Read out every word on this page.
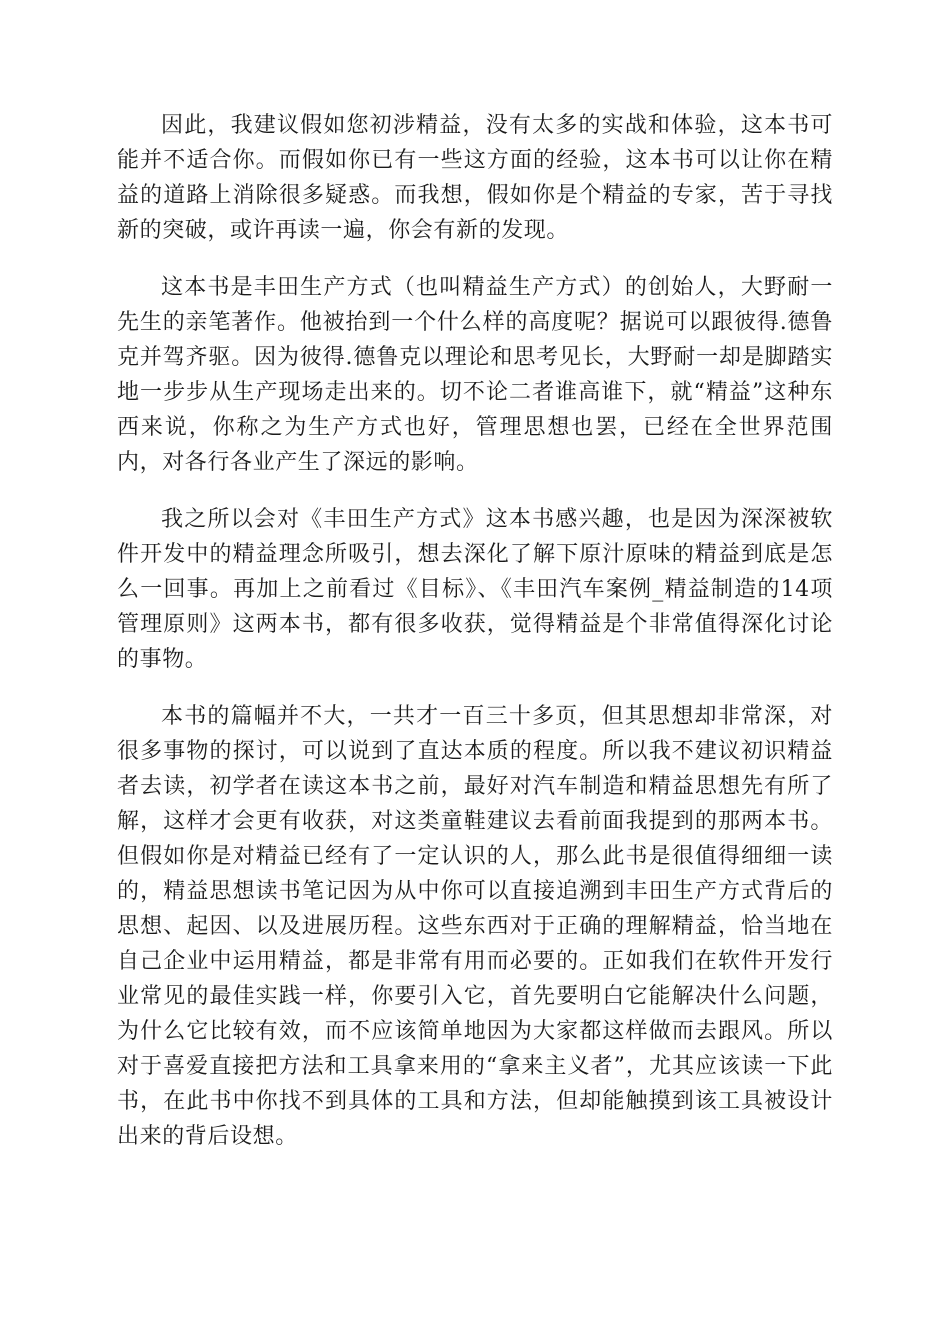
因此，我建议假如您初涉精益，没有太多的实战和体验，这本书可能并不适合你。而假如你已有一些这方面的经验，这本书可以让你在精益的道路上消除很多疑惑。而我想，假如你是个精益的专家，苦于寻找新的突破，或许再读一遍，你会有新的发现。

这本书是丰田生产方式（也叫精益生产方式）的创始人，大野耐一先生的亲笔著作。他被抬到一个什么样的高度呢？据说可以跟彼得.德鲁克并驾齐驱。因为彼得.德鲁克以理论和思考见长，大野耐一却是脚踏实地一步步从生产现场走出来的。切不论二者谁高谁下，就“精益”这种东西来说，你称之为生产方式也好，管理思想也罢，已经在全世界范围内，对各行各业产生了深远的影响。

我之所以会对《丰田生产方式》这本书感兴趣，也是因为深深被软件开发中的精益理念所吸引，想去深化了解下原汁原味的精益到底是怎么一回事。再加上之前看过《目标》、《丰田汽车案例_精益制造的14项管理原则》这两本书，都有很多收获，觉得精益是个非常值得深化讨论的事物。

本书的篇幅并不大，一共才一百三十多页，但其思想却非常深，对很多事物的探讨，可以说到了直达本质的程度。所以我不建议初识精益者去读，初学者在读这本书之前，最好对汽车制造和精益思想先有所了解，这样才会更有收获，对这类童鞋建议去看前面我提到的那两本书。但假如你是对精益已经有了一定认识的人，那么此书是很值得细细一读的，精益思想读书笔记因为从中你可以直接追溯到丰田生产方式背后的思想、起因、以及进展历程。这些东西对于正确的理解精益，恰当地在自己企业中运用精益，都是非常有用而必要的。正如我们在软件开发行业常见的最佳实践一样，你要引入它，首先要明白它能解决什么问题，为什么它比较有效，而不应该简单地因为大家都这样做而去跟风。所以对于喜爱直接把方法和工具拿来用的“拿来主义者”，尤其应该读一下此书，在此书中你找不到具体的工具和方法，但却能触摸到该工具被设计出来的背后设想。
